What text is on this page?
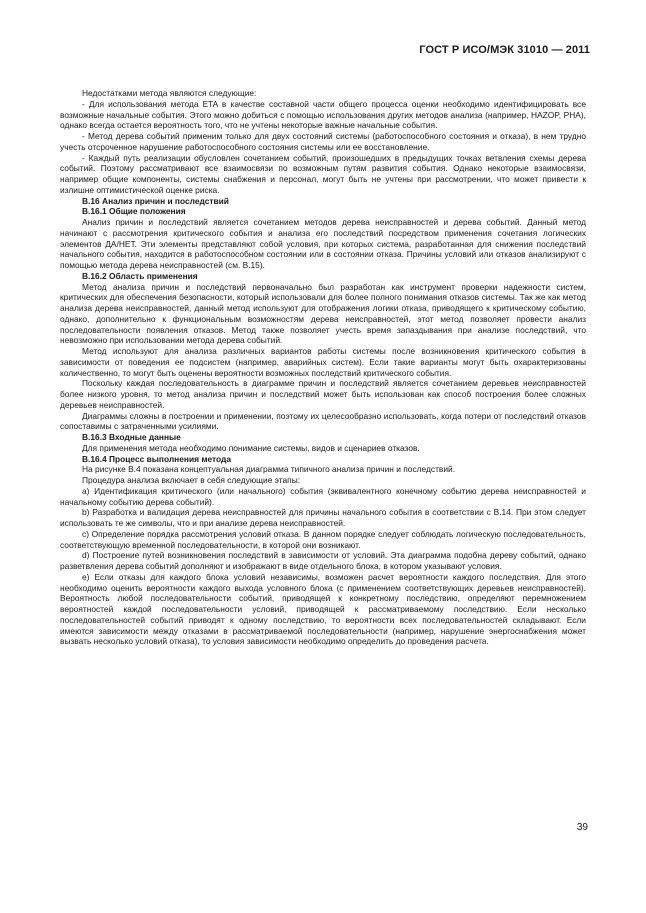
ГОСТ Р ИСО/МЭК 31010 — 2011

Недостатками метода являются следующие:

- Для использования метода ETA в качестве составной части общего процесса оценки необходимо идентифицировать все возможные начальные события. Этого можно добиться с помощью использования других методов анализа (например, HAZOP, PHA), однако всегда остается вероятность того, что не учтены некоторые важные начальные события.

- Метод дерева событий применим только для двух состояний системы (работоспособного состояния и отказа), в нем трудно учесть отсроченное нарушение работоспособного состояния системы или ее восстановление.

- Каждый путь реализации обусловлен сочетанием событий, произошедших в предыдущих точках ветвления схемы дерева событий. Поэтому рассматривают все взаимосвязи по возможным путям развития события. Однако некоторые взаимосвязи, например общие компоненты, системы снабжения и персонал, могут быть не учтены при рассмотрении, что может привести к излишне оптимистической оценке риска.

В.16 Анализ причин и последствий
В.16.1 Общие положения

Анализ причин и последствий является сочетанием методов дерева неисправностей и дерева событий. Данный метод начинают с рассмотрения критического события и анализа его последствий посредством применения сочетания логических элементов ДА/НЕТ. Эти элементы представляют собой условия, при которых система, разработанная для снижения последствий начального события, находится в работоспособном состоянии или в состоянии отказа. Причины условий или отказов анализируют с помощью метода дерева неисправностей (см. В.15).

В.16.2 Область применения

Метод анализа причин и последствий первоначально был разработан как инструмент проверки надежности систем, критических для обеспечения безопасности, который использовали для более полного понимания отказов системы. Так же как метод анализа дерева неисправностей, данный метод используют для отображения логики отказа, приводящего к критическому событию, однако, дополнительно к функциональным возможностям дерева неисправностей, этот метод позволяет провести анализ последовательности появления отказов. Метод также позволяет учесть время запаздывания при анализе последствий, что невозможно при использовании метода дерева событий.

Метод используют для анализа различных вариантов работы системы после возникновения критического события в зависимости от поведения ее подсистем (например, аварийных систем). Если такие варианты могут быть охарактеризованы количественно, то могут быть оценены вероятности возможных последствий критического события.

Поскольку каждая последовательность в диаграмме причин и последствий является сочетанием деревьев неисправностей более низкого уровня, то метод анализа причин и последствий может быть использован как способ построения более сложных деревьев неисправностей.

Диаграммы сложны в построении и применении, поэтому их целесообразно использовать, когда потери от последствий отказов сопоставимы с затраченными усилиями.

В.16.3 Входные данные

Для применения метода необходимо понимание системы, видов и сценариев отказов.

В.16.4 Процесс выполнения метода

На рисунке В.4 показана концептуальная диаграмма типичного анализа причин и последствий.

Процедура анализа включает в себя следующие этапы:

a) Идентификация критического (или начального) события (эквивалентного конечному событию дерева неисправностей и начальному событию дерева событий).

b) Разработка и валидация дерева неисправностей для причины начального события в соответствии с В.14. При этом следует использовать те же символы, что и при анализе дерева неисправностей.

c) Определение порядка рассмотрения условий отказа. В данном порядке следует соблюдать логическую последовательность, соответствующую временной последовательности, в которой они возникают.

d) Построение путей возникновения последствий в зависимости от условий. Эта диаграмма подобна дереву событий, однако разветвления дерева событий дополняют и изображают в виде отдельного блока, в котором указывают условия.

e) Если отказы для каждого блока условий независимы, возможен расчет вероятности каждого последствия. Для этого необходимо оценить вероятности каждого выхода условного блока (с применением соответствующих деревьев неисправностей). Вероятность любой последовательности событий, приводящей к конкретному последствию, определяют перемножением вероятностей каждой последовательности условий, приводящей к рассматриваемому последствию. Если несколько последовательностей событий приводят к одному последствию, то вероятности всех последовательностей складывают. Если имеются зависимости между отказами в рассматриваемой последовательности (например, нарушение энергоснабжения может вызвать несколько условий отказа), то условия зависимости необходимо определить до проведения расчета.

39
